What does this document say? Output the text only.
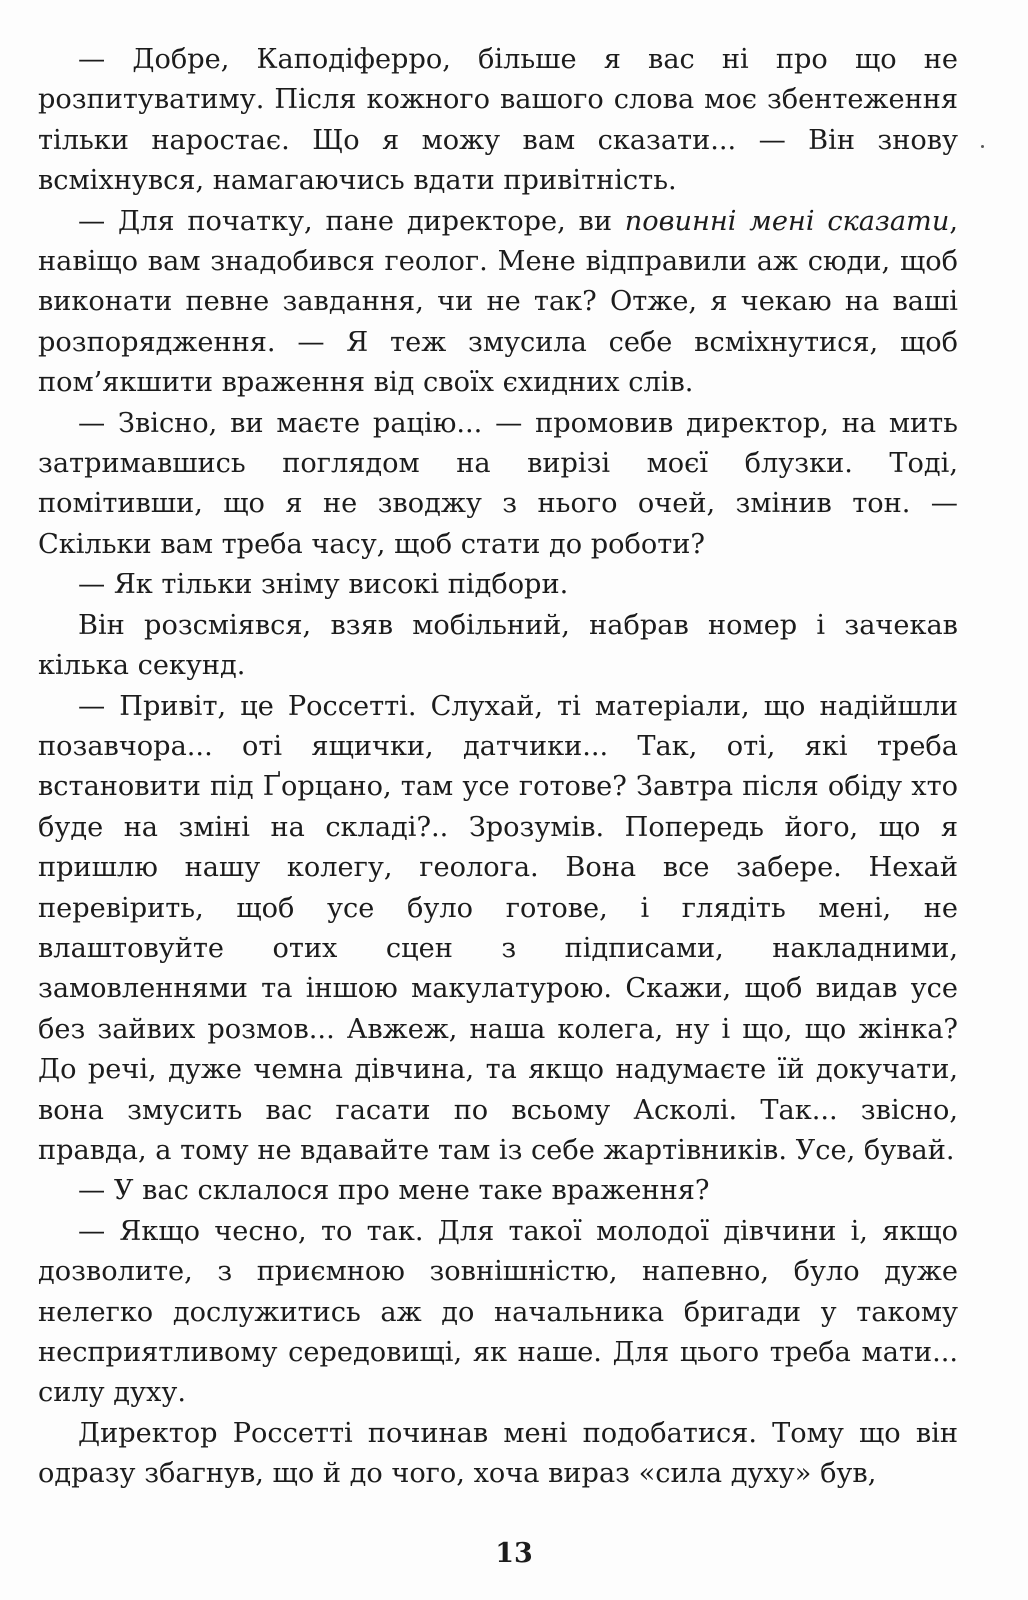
— Добре, Каподіферро, більше я вас ні про що не розпитуватиму. Після кожного вашого слова моє збентеження тільки наростає. Що я можу вам сказати... — Він знову всміхнувся, намагаючись вдати привітність.

— Для початку, пане директоре, ви повинні мені сказати, навіщо вам знадобився геолог. Мене відправили аж сюди, щоб виконати певне завдання, чи не так? Отже, я чекаю на ваші розпорядження. — Я теж змусила себе всміхнутися, щоб пом’якшити враження від своїх єхидних слів.

— Звісно, ви маєте рацію... — промовив директор, на мить затримавшись поглядом на вирізі моєї блузки. Тоді, помітивши, що я не зводжу з нього очей, змінив тон. — Скільки вам треба часу, щоб стати до роботи?

— Як тільки зніму високі підбори.

Він розсміявся, взяв мобільний, набрав номер і зачекав кілька секунд.

— Привіт, це Россетті. Слухай, ті матеріали, що надійшли позавчора... оті ящички, датчики... Так, оті, які треба встановити під Ґорцано, там усе готове? Завтра після обіду хто буде на зміні на складі?.. Зрозумів. Попередь його, що я пришлю нашу колегу, геолога. Вона все забере. Нехай перевірить, щоб усе було готове, і глядіть мені, не влаштовуйте отих сцен з підписами, накладними, замовленнями та іншою макулатурою. Скажи, щоб видав усе без зайвих розмов... Авжеж, наша колега, ну і що, що жінка? До речі, дуже чемна дівчина, та якщо надумаєте їй докучати, вона змусить вас гасати по всьому Асколі. Так... звісно, правда, а тому не вдавайте там із себе жартівників. Усе, бувай.

— У вас склалося про мене таке враження?

— Якщо чесно, то так. Для такої молодої дівчини і, якщо дозволите, з приємною зовнішністю, напевно, було дуже нелегко дослужитись аж до начальника бригади у такому несприятливому середовищі, як наше. Для цього треба мати... силу духу.

Директор Россетті починав мені подобатися. Тому що він одразу збагнув, що й до чого, хоча вираз «сила духу» був,

13
